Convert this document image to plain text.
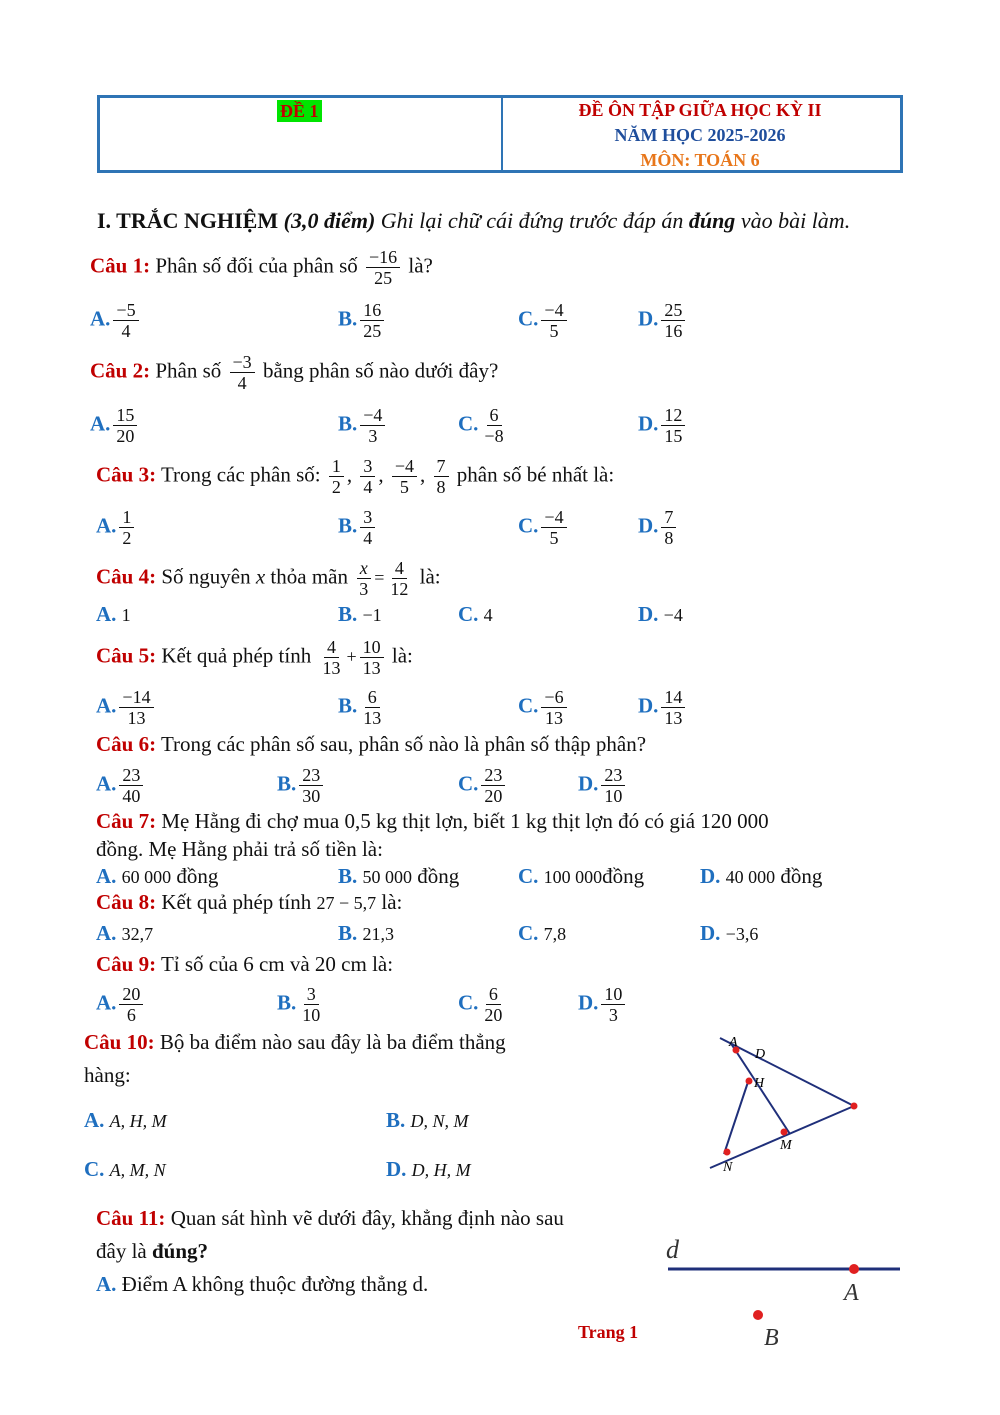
ĐỀ 1	ĐỀ ÔN TẬP GIỮA HỌC KỲ II
NĂM HỌC 2025-2026
MÔN: TOÁN 6
I. TRẮC NGHIỆM (3,0 điểm) Ghi lại chữ cái đứng trước đáp án đúng vào bài làm.
Câu 1: Phân số đối của phân số $\frac{-16}{25}$ là?
A. $\frac{-5}{4}$	B. $\frac{16}{25}$	C. $\frac{-4}{5}$	D. $\frac{25}{16}$
Câu 2: Phân số $\frac{-3}{4}$ bằng phân số nào dưới đây?
A. $\frac{15}{20}$	B. $\frac{-4}{3}$	C. $\frac{6}{-8}$	D. $\frac{12}{15}$
Câu 3: Trong các phân số: $\frac{1}{2}$ , $\frac{3}{4}$ , $\frac{-4}{5}$ , $\frac{7}{8}$ phân số bé nhất là:
A. $\frac{1}{2}$	B. $\frac{3}{4}$	C. $\frac{-4}{5}$	D. $\frac{7}{8}$
Câu 4: Số nguyên x thỏa mãn $\frac{x}{3} = \frac{4}{12}$ là:
A. 1	B. −1	C. 4	D. −4
Câu 5: Kết quả phép tính $\frac{4}{13} + \frac{10}{13}$ là:
A. $\frac{-14}{13}$	B. $\frac{6}{13}$	C. $\frac{-6}{13}$	D. $\frac{14}{13}$
Câu 6: Trong các phân số sau, phân số nào là phân số thập phân?
A. $\frac{23}{40}$	B. $\frac{23}{30}$	C. $\frac{23}{20}$	D. $\frac{23}{10}$
Câu 7: Mẹ Hằng đi chợ mua 0,5 kg thịt lợn, biết 1 kg thịt lợn đó có giá 120 000
đồng. Mẹ Hằng phải trả số tiền là:
A. 60 000 đồng	B. 50 000 đồng	C. 100 000đồng	D. 40 000 đồng
Câu 8: Kết quả phép tính 27 − 5,7 là:
A. 32,7	B. 21,3	C. 7,8	D. −3,6
Câu 9: Tỉ số của 6 cm và 20 cm là:
A. $\frac{20}{6}$	B. $\frac{3}{10}$	C. $\frac{6}{20}$	D. $\frac{10}{3}$
Câu 10: Bộ ba điểm nào sau đây là ba điểm thẳng
hàng:
A. A, H, M	B. D, N, M
C. A, M, N	D. D, H, M
A
D
H
M
N
Câu 11: Quan sát hình vẽ dưới đây, khẳng định nào sau
đây là đúng?
A. Điểm A không thuộc đường thẳng d.
d
A
B
Trang 1
